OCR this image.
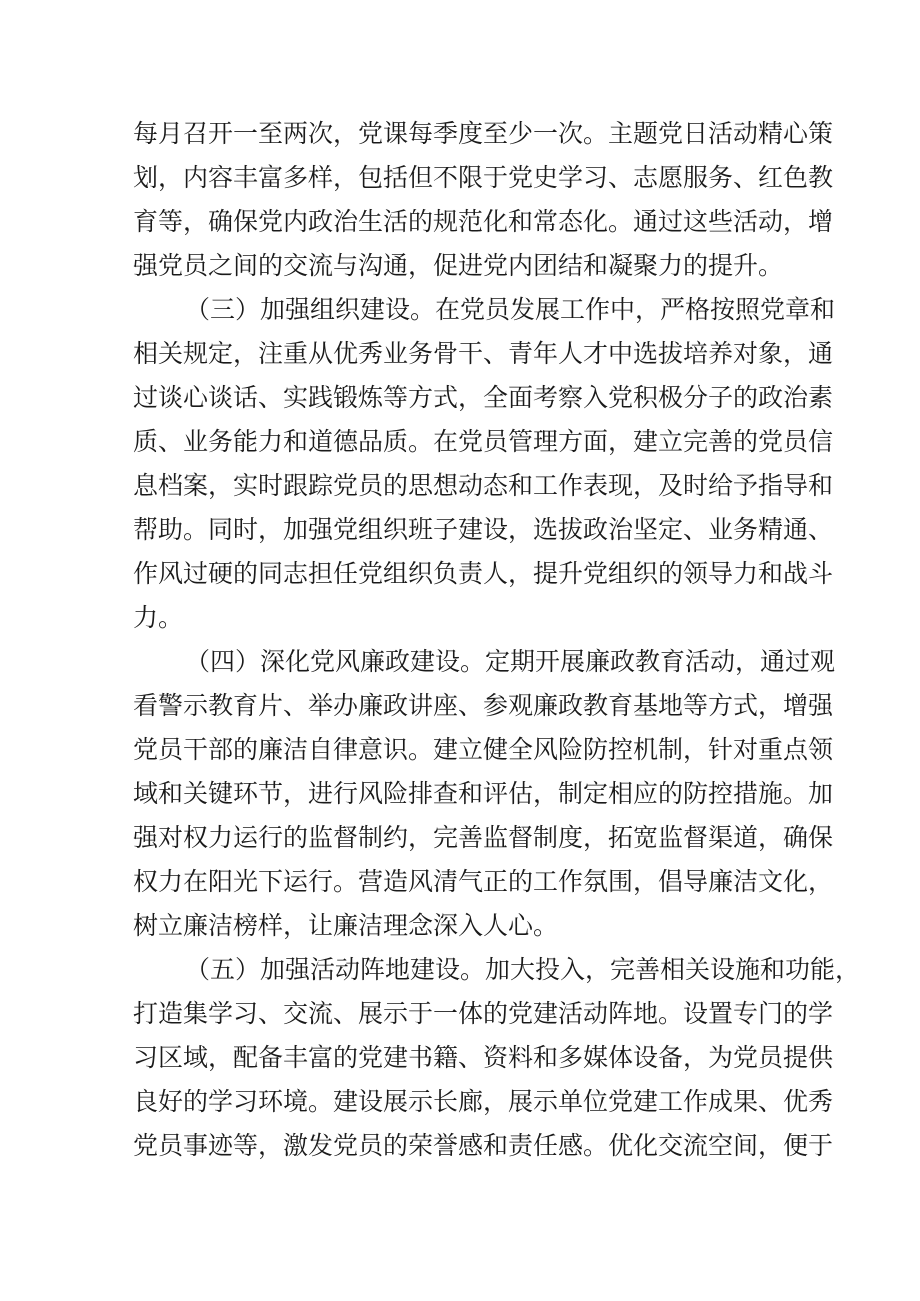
每月召开一至两次，党课每季度至少一次。主题党日活动精心策
划，内容丰富多样，包括但不限于党史学习、志愿服务、红色教
育等，确保党内政治生活的规范化和常态化。通过这些活动，增
强党员之间的交流与沟通，促进党内团结和凝聚力的提升。
（三）加强组织建设。在党员发展工作中，严格按照党章和
相关规定，注重从优秀业务骨干、青年人才中选拔培养对象，通
过谈心谈话、实践锻炼等方式，全面考察入党积极分子的政治素
质、业务能力和道德品质。在党员管理方面，建立完善的党员信
息档案，实时跟踪党员的思想动态和工作表现，及时给予指导和
帮助。同时，加强党组织班子建设，选拔政治坚定、业务精通、
作风过硬的同志担任党组织负责人，提升党组织的领导力和战斗
力。
（四）深化党风廉政建设。定期开展廉政教育活动，通过观
看警示教育片、举办廉政讲座、参观廉政教育基地等方式，增强
党员干部的廉洁自律意识。建立健全风险防控机制，针对重点领
域和关键环节，进行风险排查和评估，制定相应的防控措施。加
强对权力运行的监督制约，完善监督制度，拓宽监督渠道，确保
权力在阳光下运行。营造风清气正的工作氛围，倡导廉洁文化，
树立廉洁榜样，让廉洁理念深入人心。
（五）加强活动阵地建设。加大投入，完善相关设施和功能，
打造集学习、交流、展示于一体的党建活动阵地。设置专门的学
习区域，配备丰富的党建书籍、资料和多媒体设备，为党员提供
良好的学习环境。建设展示长廊，展示单位党建工作成果、优秀
党员事迹等，激发党员的荣誉感和责任感。优化交流空间，便于
